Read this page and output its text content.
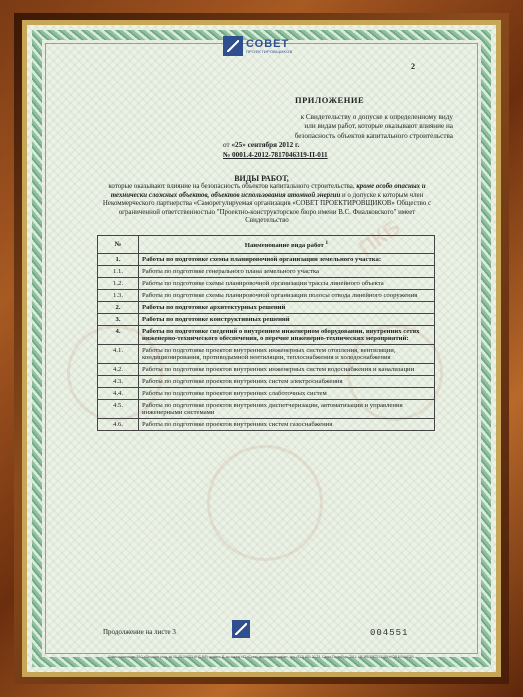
ПКБ
СОВЕТ
ПРОЕКТИРОВЩИКОВ
2
ПРИЛОЖЕНИЕ
к Свидетельству о допуске к определенному виду
или видам работ, которые оказывают влияние на
безопасность объектов капитального строительства
от «25» сентября 2012 г.
№ 0001.4-2012-7817046319-П-011
ВИДЫ РАБОТ,
которые оказывают влияние на безопасность объектов капитального строительства, кроме особо опасных и технически сложных объектов, объектов использования атомной энергии и о допуске к которым член Некоммерческого партнерства «Саморегулируемая организация «СОВЕТ ПРОЕКТИРОВЩИКОВ» Общество с ограниченной ответственностью "Проектно-конструкторское бюро имени В.С. Фиалковского" имеет Свидетельство
№	Наименование вида работ $^1$
1.	Работы по подготовке схемы планировочной организации земельного участка:
1.1.	Работы по подготовке генерального плана земельного участка
1.2.	Работы по подготовке схемы планировочной организации трассы линейного объекта
1.3.	Работы по подготовке схемы планировочной организации полосы отвода линейного сооружения
2.	Работы по подготовке архитектурных решений
3.	Работы по подготовке конструктивных решений
4.	Работы по подготовке сведений о внутреннем инженерном оборудовании, внутренних сетях инженерно-технического обеспечения, о перечне инженерно-технических мероприятий:
4.1.	Работы по подготовке проектов внутренних инженерных систем отопления, вентиляции, кондиционирования, противодымной вентиляции, теплоснабжения и холодоснабжения
4.2.	Работы по подготовке проектов внутренних инженерных систем водоснабжения и канализации
4.3.	Работы по подготовке проектов внутренних систем электроснабжения
4.4.	Работы по подготовке проектов внутренних слаботочных систем
4.5.	Работы по подготовке проектов внутренних диспетчеризации, автоматизации и управления инженерными системами
4.6.	Работы по подготовке проектов внутренних систем газоснабжения
Продолжение на листе 3	004551
Бланк изготовлен ЗАО «Опцион» (лиц. № 05-05-09/003 ФНС РФ) уровень В. по заказу НП «Совет проектировщиков», тел. (812) 600-20-23, Санкт-Петербург, 2011. НЕ ЯВЛЯЕТСЯ ЦЕННОЙ БУМАГОЙ.
